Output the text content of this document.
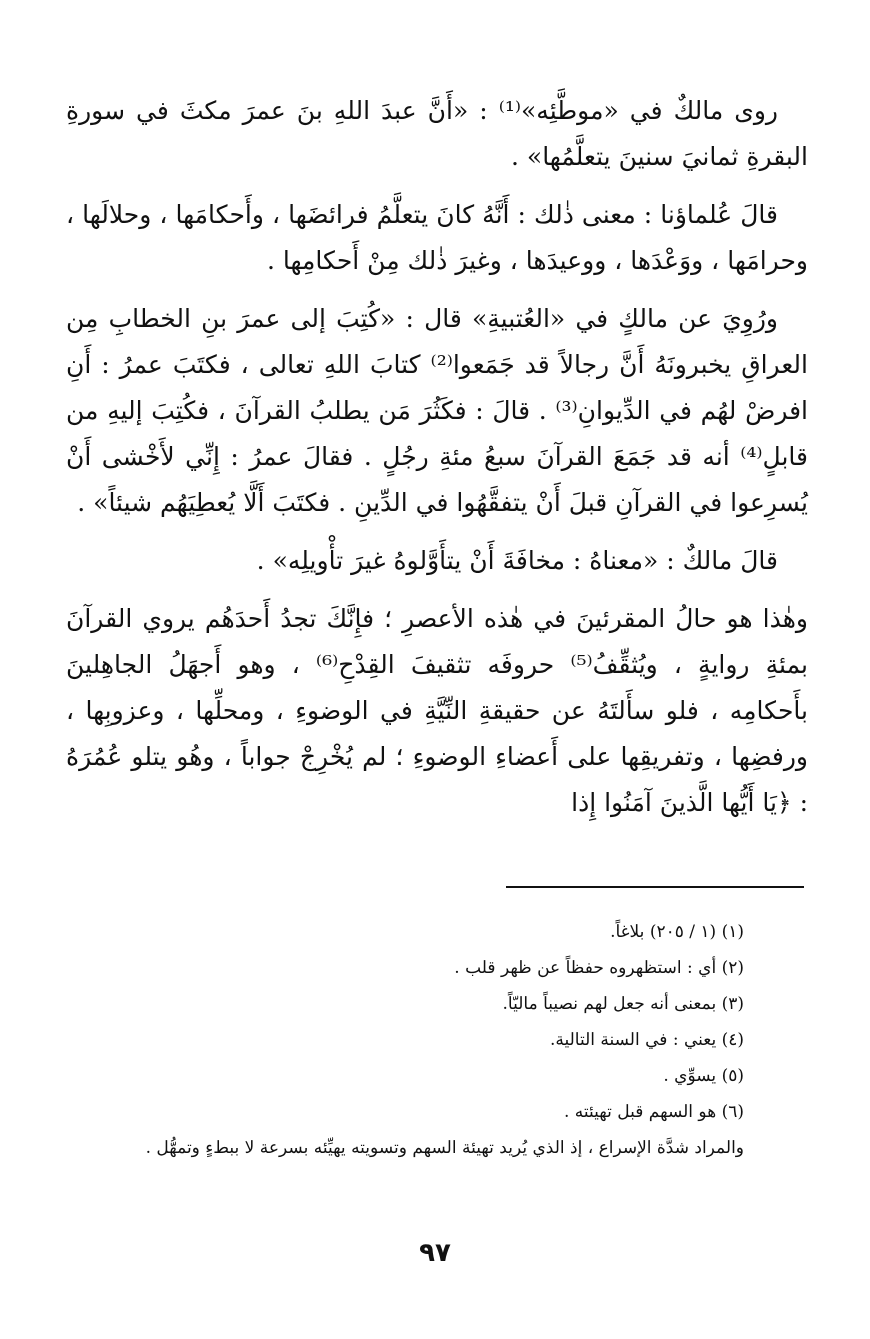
روى مالكٌ في «موطَّئِه»⁽¹⁾ : «أَنَّ عبدَ اللهِ بنَ عمرَ مكثَ في سورةِ البقرةِ ثمانيَ سنينَ يتعلَّمُها» .

قالَ عُلماؤنا : معنى ذٰلك : أَنَّهُ كانَ يتعلَّمُ فرائضَها ، وأَحكامَها ، وحلالَها ، وحرامَها ، ووَعْدَها ، ووعيدَها ، وغيرَ ذٰلك مِنْ أَحكامِها .

ورُوِيَ عن مالكٍ في «العُتبيةِ» قال : «كُتِبَ إلى عمرَ بنِ الخطابِ مِن العراقِ يخبرونَهُ أَنَّ رجالاً قد جَمَعوا⁽²⁾ كتابَ اللهِ تعالى ، فكتَبَ عمرُ : أَنِ افرضْ لهُم في الدِّيوانِ⁽³⁾ . قالَ : فكَثُرَ مَن يطلبُ القرآنَ ، فكُتِبَ إليهِ من قابلٍ⁽⁴⁾ أنه قد جَمَعَ القرآنَ سبعُ مئةِ رجُلٍ . فقالَ عمرُ : إِنِّي لأَخْشى أَنْ يُسرِعوا في القرآنِ قبلَ أَنْ يتفقَّهُوا في الدِّينِ . فكتَبَ أَلَّا يُعطِيَهُم شيئاً» .

قالَ مالكٌ : «معناهُ : مخافَةَ أَنْ يتأَوَّلوهُ غيرَ تأْويلِه» .

وهٰذا هو حالُ المقرئينَ في هٰذه الأعصرِ ؛ فإِنَّكَ تجدُ أَحدَهُم يروي القرآنَ بمئةِ روايةٍ ، ويُثقِّفُ⁽⁵⁾ حروفَه تثقيفَ القِدْحِ⁽⁶⁾ ، وهو أَجهَلُ الجاهِلينَ بأَحكامِه ، فلو سأَلتَهُ عن حقيقةِ النِّيَّةِ في الوضوءِ ، ومحلِّها ، وعزوبِها ، ورفضِها ، وتفريقِها على أَعضاءِ الوضوءِ ؛ لم يُخْرِجْ جواباً ، وهُو يتلو عُمُرَهُ : ﴿يَا أَيُّها الَّذينَ آمَنُوا إِذا

(١) (١ / ٢٠٥) بلاغاً.

(٢) أي : استظهروه حفظاً عن ظهر قلب .

(٣) بمعنى أنه جعل لهم نصيباً ماليّاً.

(٤) يعني : في السنة التالية.

(٥) يسوِّي .

(٦) هو السهم قبل تهيئته .

والمراد شدَّة الإسراع ، إذ الذي يُريد تهيئة السهم وتسويته يهيِّئه بسرعة لا ببطءٍ وتمهُّل .

٩٧
